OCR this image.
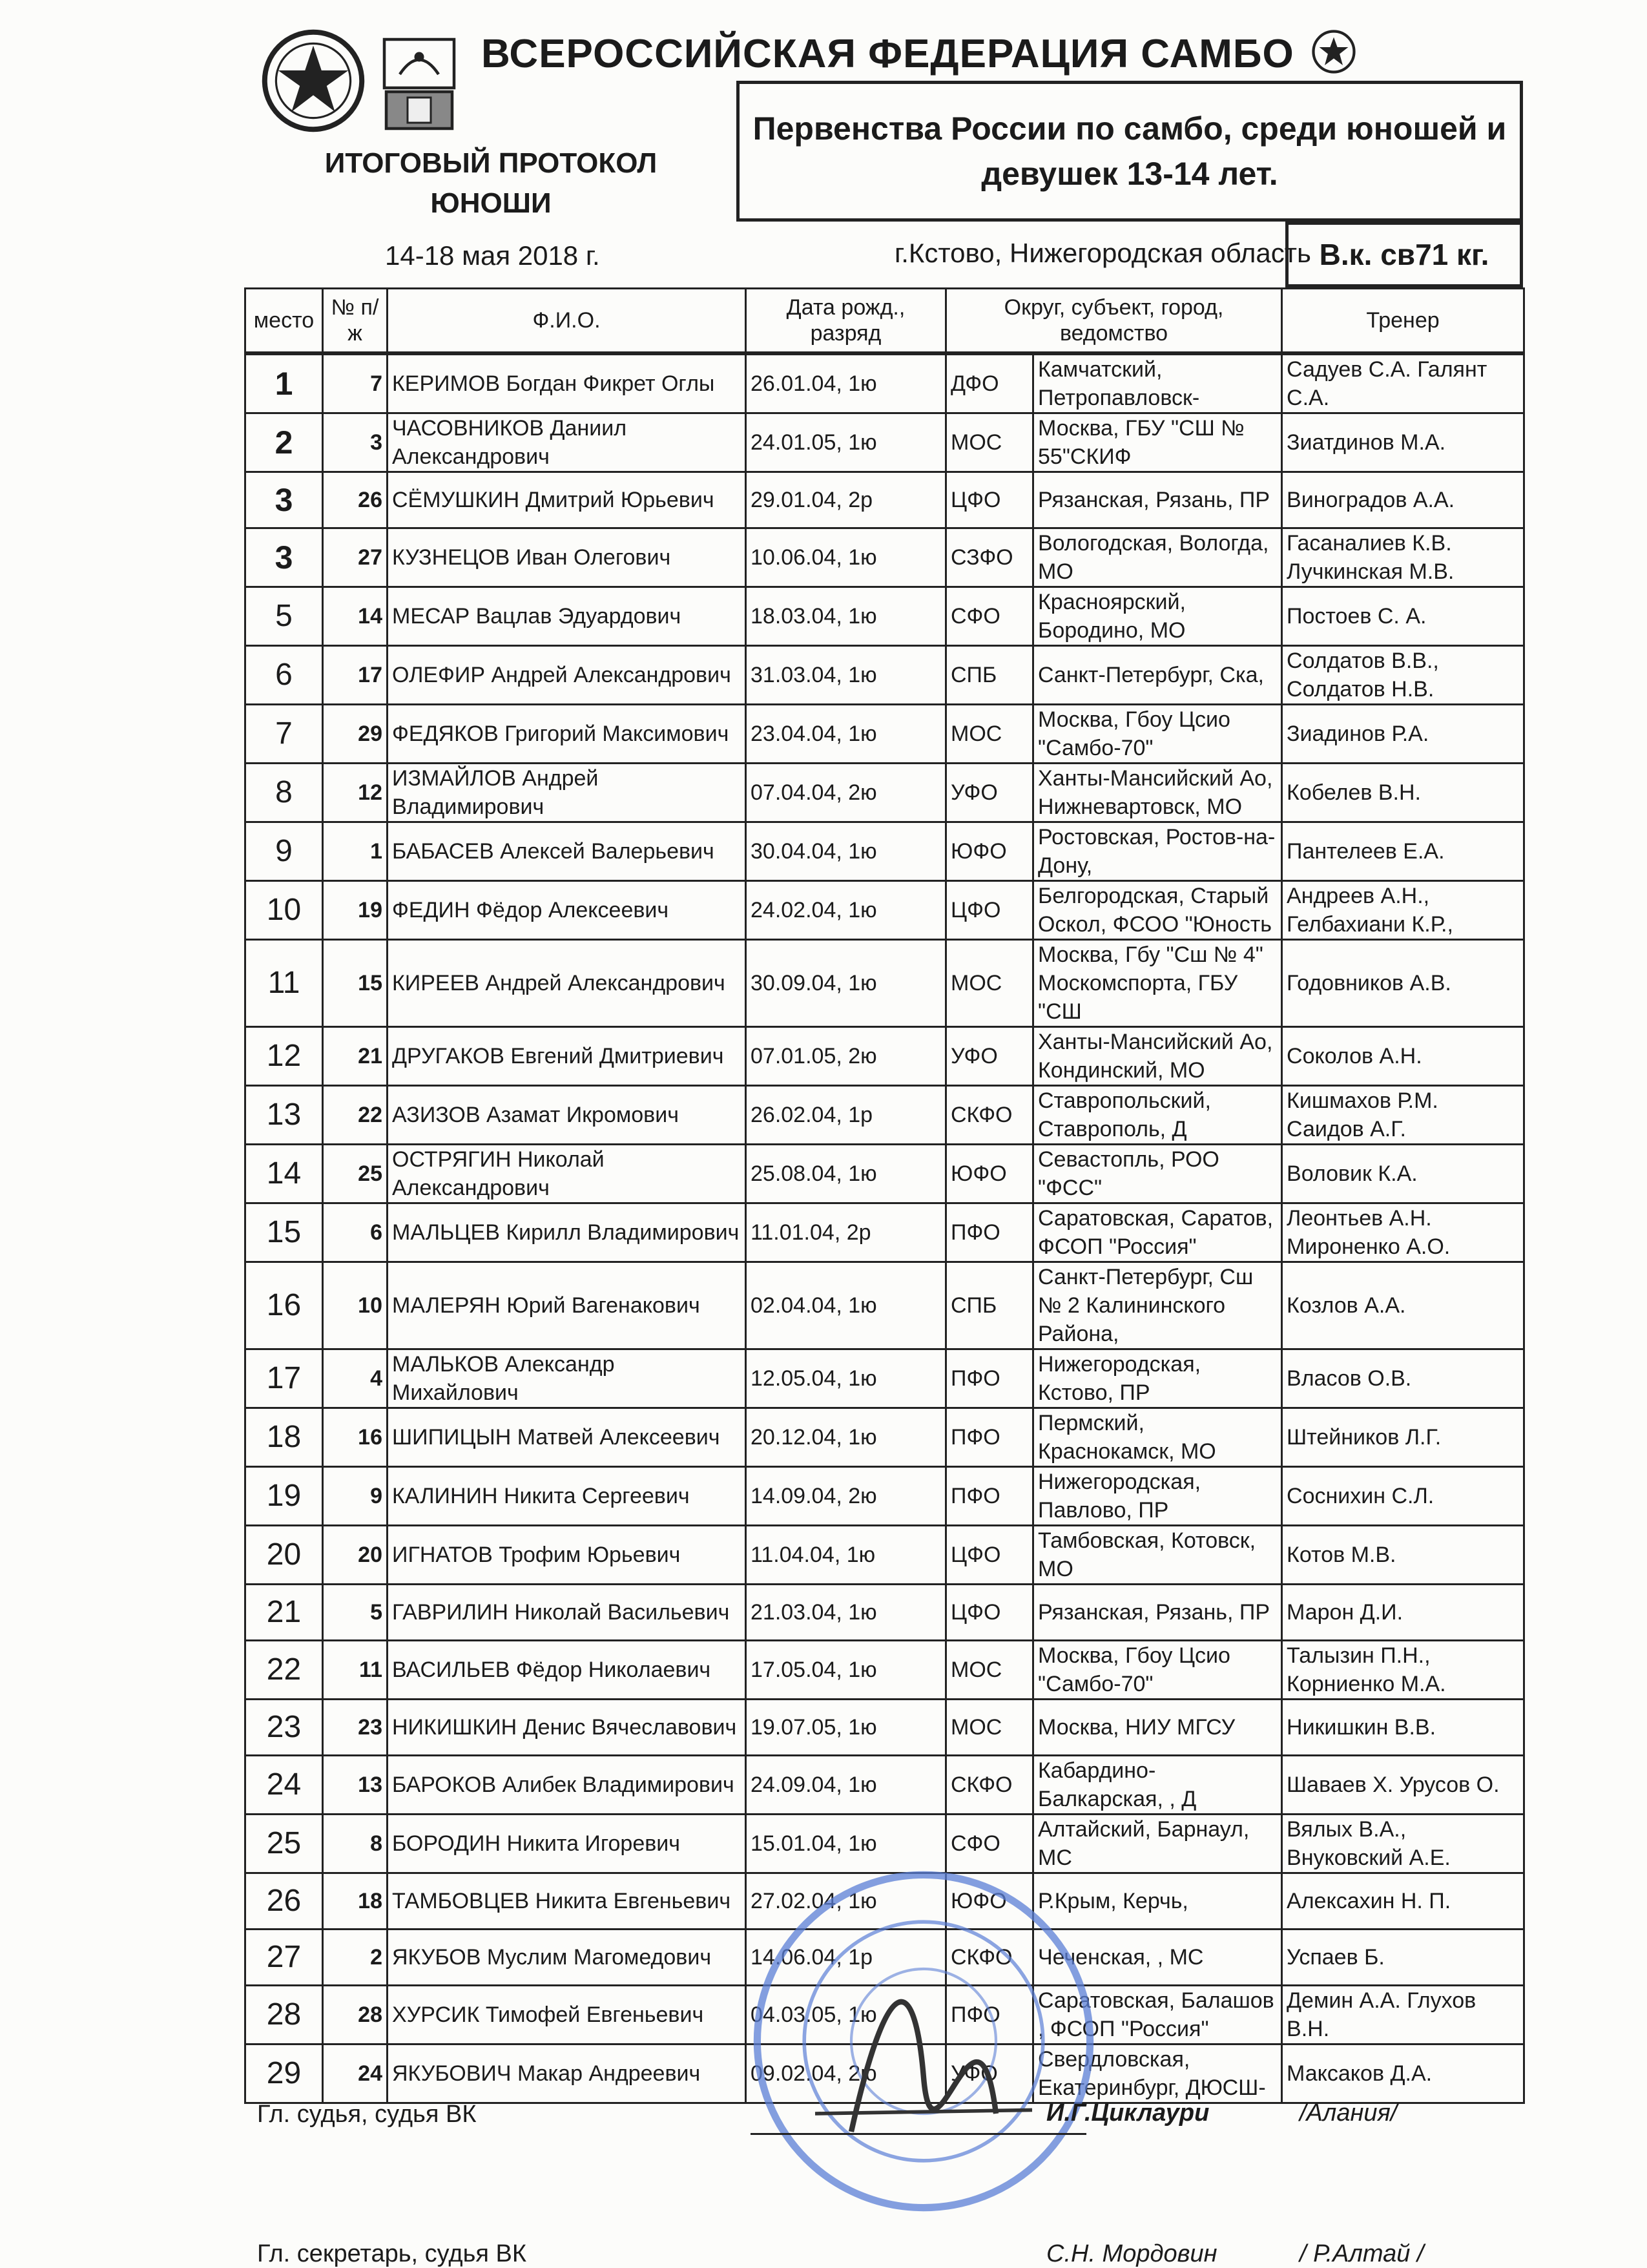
ВСЕРОССИЙСКАЯ ФЕДЕРАЦИЯ САМБО
ИТОГОВЫЙ ПРОТОКОЛ
ЮНОШИ
Первенства России по самбо, среди юношей и
девушек 13-14 лет.
14-18 мая 2018 г.	г.Кстово, Нижегородская область В.к. св71 кг.
место	№ п/ж	Ф.И.О.	Дата рожд., разряд	Округ, субъект, город, ведомство		Тренер
1	7	КЕРИМОВ Богдан Фикрет Оглы	26.01.04, 1ю	ДФО	Камчатский, Петропавловск-	Садуев С.А. Галянт С.А.
2	3	ЧАСОВНИКОВ Даниил Александрович	24.01.05, 1ю	МОС	Москва, ГБУ "СШ № 55"СКИФ	Зиатдинов М.А.
3	26	СЁМУШКИН Дмитрий Юрьевич	29.01.04, 2р	ЦФО	Рязанская, Рязань, ПР	Виноградов А.А.
3	27	КУЗНЕЦОВ Иван Олегович	10.06.04, 1ю	СЗФО	Вологодская, Вологда, МО	Гасаналиев К.В. Лучкинская М.В.
5	14	МЕСАР Вацлав Эдуардович	18.03.04, 1ю	СФО	Красноярский, Бородино, МО	Постоев С. А.
6	17	ОЛЕФИР Андрей Александрович	31.03.04, 1ю	СПБ	Санкт-Петербург, Ска,	Солдатов В.В., Солдатов Н.В.
7	29	ФЕДЯКОВ Григорий Максимович	23.04.04, 1ю	МОС	Москва, Гбоу Цсио "Самбо-70"	Зиадинов Р.А.
8	12	ИЗМАЙЛОВ Андрей Владимирович	07.04.04, 2ю	УФО	Ханты-Мансийский Ао, Нижневартовск, МО	Кобелев В.Н.
9	1	БАБАСЕВ Алексей Валерьевич	30.04.04, 1ю	ЮФО	Ростовская, Ростов-на-Дону,	Пантелеев Е.А.
10	19	ФЕДИН Фёдор Алексеевич	24.02.04, 1ю	ЦФО	Белгородская, Старый Оскол, ФСОО "Юность	Андреев А.Н., Гелбахиани К.Р.,
11	15	КИРЕЕВ Андрей Александрович	30.09.04, 1ю	МОС	Москва, Гбу "Сш № 4" Москомспорта, ГБУ "СШ	Годовников А.В.
12	21	ДРУГАКОВ Евгений Дмитриевич	07.01.05, 2ю	УФО	Ханты-Мансийский Ао, Кондинский, МО	Соколов А.Н.
13	22	АЗИЗОВ Азамат Икромович	26.02.04, 1р	СКФО	Ставропольский, Ставрополь, Д	Кишмахов Р.М. Саидов А.Г.
14	25	ОСТРЯГИН Николай Александрович	25.08.04, 1ю	ЮФО	Севастопль, РОО "ФСС"	Воловик К.А.
15	6	МАЛЬЦЕВ Кирилл Владимирович	11.01.04, 2р	ПФО	Саратовская, Саратов, ФСОП "Россия"	Леонтьев А.Н. Мироненко А.О.
16	10	МАЛЕРЯН Юрий Вагенакович	02.04.04, 1ю	СПБ	Санкт-Петербург, Сш № 2 Калининского Района,	Козлов А.А.
17	4	МАЛЬКОВ Александр Михайлович	12.05.04, 1ю	ПФО	Нижегородская, Кстово, ПР	Власов О.В.
18	16	ШИПИЦЫН Матвей Алексеевич	20.12.04, 1ю	ПФО	Пермский, Краснокамск, МО	Штейников Л.Г.
19	9	КАЛИНИН Никита Сергеевич	14.09.04, 2ю	ПФО	Нижегородская, Павлово, ПР	Соснихин С.Л.
20	20	ИГНАТОВ Трофим Юрьевич	11.04.04, 1ю	ЦФО	Тамбовская, Котовск, МО	Котов М.В.
21	5	ГАВРИЛИН Николай Васильевич	21.03.04, 1ю	ЦФО	Рязанская, Рязань, ПР	Марон Д.И.
22	11	ВАСИЛЬЕВ Фёдор Николаевич	17.05.04, 1ю	МОС	Москва, Гбоу Цсио "Самбо-70"	Талызин П.Н., Корниенко М.А.
23	23	НИКИШКИН Денис Вячеславович	19.07.05, 1ю	МОС	Москва, НИУ МГСУ	Никишкин В.В.
24	13	БАРОКОВ Алибек Владимирович	24.09.04, 1ю	СКФО	Кабардино-Балкарская, , Д	Шаваев Х. Урусов О.
25	8	БОРОДИН Никита Игоревич	15.01.04, 1ю	СФО	Алтайский, Барнаул, МС	Вялых В.А., Внуковский А.Е.
26	18	ТАМБОВЦЕВ Никита Евгеньевич	27.02.04, 1ю	ЮФО	Р.Крым, Керчь,	Алексахин Н. П.
27	2	ЯКУБОВ Муслим Магомедович	14.06.04, 1р	СКФО	Чеченская, , МС	Успаев Б.
28	28	ХУРСИК Тимофей Евгеньевич	04.03.05, 1ю	ПФО	Саратовская, Балашов , ФСОП "Россия"	Демин А.А. Глухов В.Н.
29	24	ЯКУБОВИЧ Макар Андреевич	09.02.04, 2ю	УФО	Свердловская, Екатеринбург, ДЮСШ-	Максаков Д.А.
Гл. судья, судья ВК	И.Г.Циклаури	/Алания/
Гл. секретарь, судья ВК	С.Н. Мордовин	/ Р.Алтай /
